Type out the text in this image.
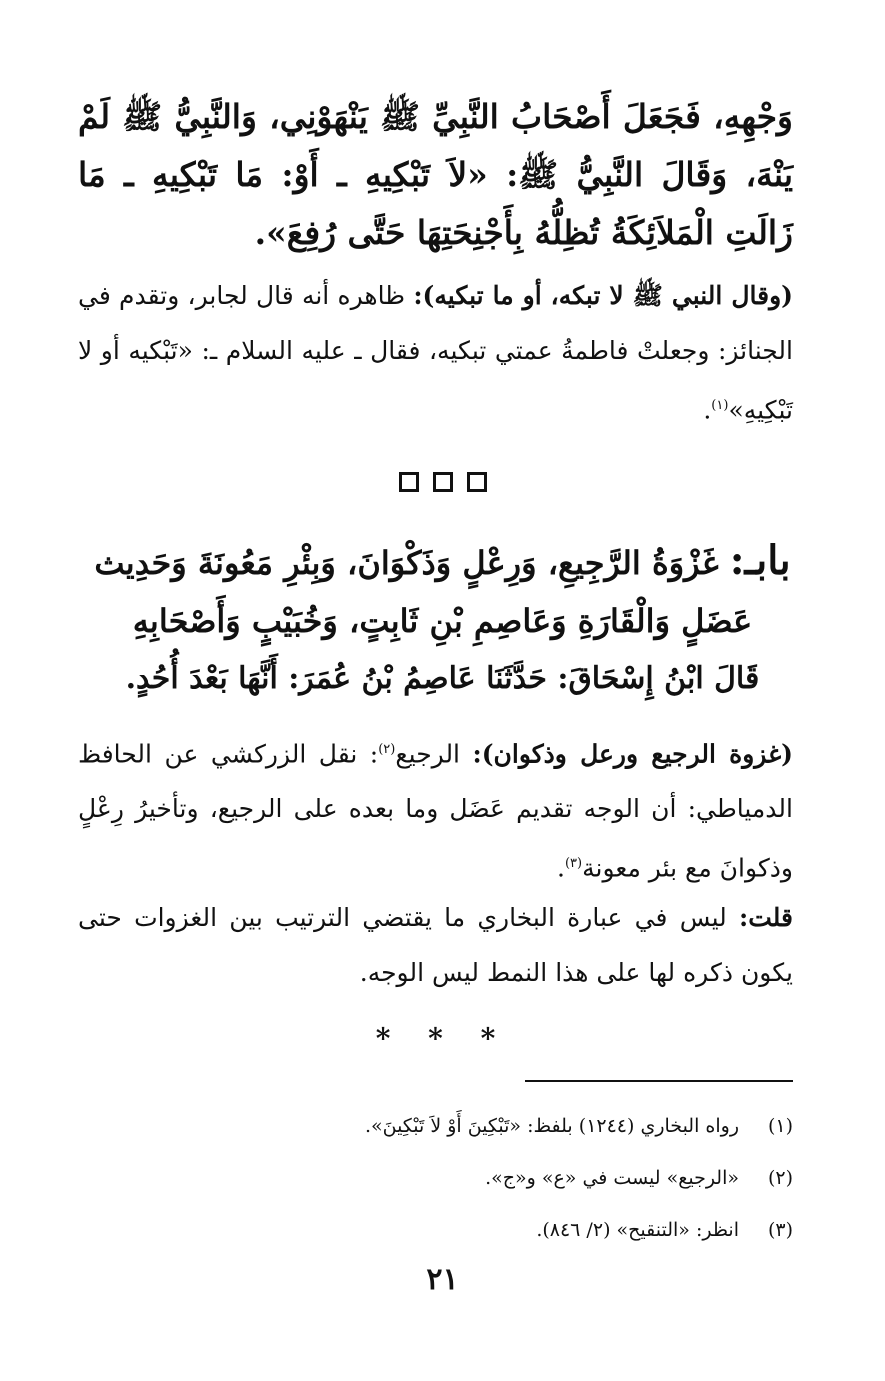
وَجْهِهِ، فَجَعَلَ أَصْحَابُ النَّبِيِّ ﷺ يَنْهَوْنِي، وَالنَّبِيُّ ﷺ لَمْ يَنْهَ، وَقَالَ النَّبِيُّ ﷺ: «لاَ تَبْكِيهِ ـ أَوْ: مَا تَبْكِيهِ ـ مَا زَالَتِ الْمَلاَئِكَةُ تُظِلُّهُ بِأَجْنِحَتِهَا حَتَّى رُفِعَ».

(وقال النبي ﷺ لا تبكه، أو ما تبكيه): ظاهره أنه قال لجابر، وتقدم في الجنائز: وجعلتْ فاطمةُ عمتي تبكيه، فقال ـ عليه السلام ـ: «تَبْكيه أو لا تَبْكِيهِ»$^{(١)}$.

بابـ: غَزْوَةُ الرَّجِيعِ، وَرِعْلٍ وَذَكْوَانَ، وَبِئْرِ مَعُونَةَ وَحَدِيث عَضَلٍ وَالْقَارَةِ وَعَاصِمِ بْنِ ثَابِتٍ، وَخُبَيْبٍ وَأَصْحَابِهِ
قَالَ ابْنُ إِسْحَاقَ: حَدَّثَنَا عَاصِمُ بْنُ عُمَرَ: أَنَّهَا بَعْدَ أُحُدٍ.

(غزوة الرجيع ورعل وذكوان): الرجيع$^{(٢)}$: نقل الزركشي عن الحافظ الدمياطي: أن الوجه تقديم عَضَل وما بعده على الرجيع، وتأخيرُ رِعْلٍ وذكوانَ مع بئر معونة$^{(٣)}$.

قلت: ليس في عبارة البخاري ما يقتضي الترتيب بين الغزوات حتى يكون ذكره لها على هذا النمط ليس الوجه.

* * *
(١)
رواه البخاري (١٢٤٤) بلفظ: «تَبْكِينَ أَوْ لاَ تَبْكِينَ».
(٢)
«الرجيع» ليست في «ع» و«ج».
(٣)
انظر: «التنقيح» (٢/ ٨٤٦).
٢١
